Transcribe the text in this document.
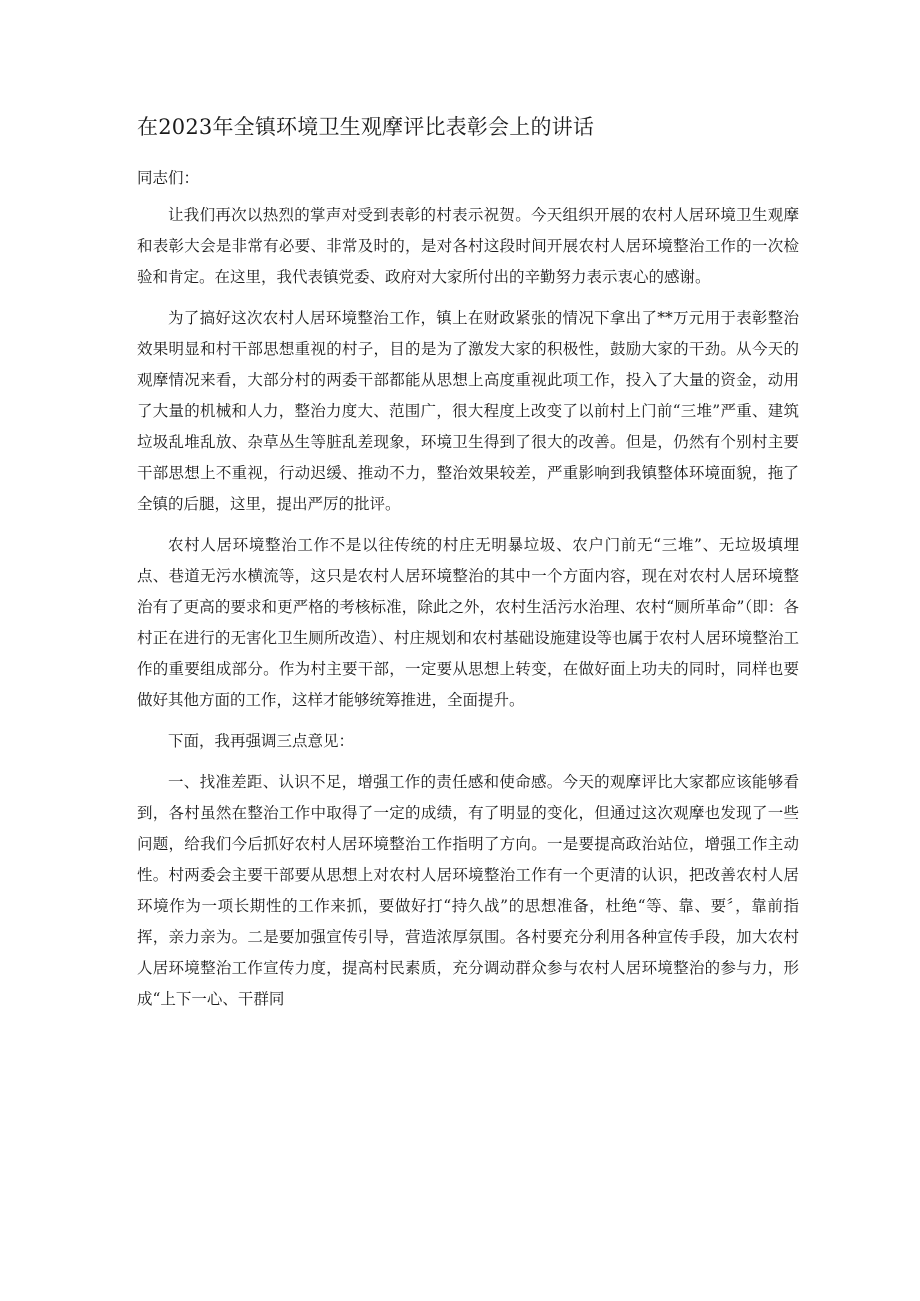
在2023年全镇环境卫生观摩评比表彰会上的讲话

同志们：

让我们再次以热烈的掌声对受到表彰的村表示祝贺。今天组织开展的农村人居环境卫生观摩和表彰大会是非常有必要、非常及时的，是对各村这段时间开展农村人居环境整治工作的一次检验和肯定。在这里，我代表镇党委、政府对大家所付出的辛勤努力表示衷心的感谢。

为了搞好这次农村人居环境整治工作，镇上在财政紧张的情况下拿出了**万元用于表彰整治效果明显和村干部思想重视的村子，目的是为了激发大家的积极性，鼓励大家的干劲。从今天的观摩情况来看，大部分村的两委干部都能从思想上高度重视此项工作，投入了大量的资金，动用了大量的机械和人力，整治力度大、范围广，很大程度上改变了以前村上门前“三堆”严重、建筑垃圾乱堆乱放、杂草丛生等脏乱差现象，环境卫生得到了很大的改善。但是，仍然有个别村主要干部思想上不重视，行动迟缓、推动不力，整治效果较差，严重影响到我镇整体环境面貌，拖了全镇的后腿，这里，提出严厉的批评。

农村人居环境整治工作不是以往传统的村庄无明暴垃圾、农户门前无“三堆”、无垃圾填埋点、巷道无污水横流等，这只是农村人居环境整治的其中一个方面内容，现在对农村人居环境整治有了更高的要求和更严格的考核标准，除此之外，农村生活污水治理、农村“厕所革命”（即：各村正在进行的无害化卫生厕所改造）、村庄规划和农村基础设施建设等也属于农村人居环境整治工作的重要组成部分。作为村主要干部，一定要从思想上转变，在做好面上功夫的同时，同样也要做好其他方面的工作，这样才能够统筹推进，全面提升。

下面，我再强调三点意见：

一、找准差距、认识不足，增强工作的责任感和使命感。今天的观摩评比大家都应该能够看到，各村虽然在整治工作中取得了一定的成绩，有了明显的变化，但通过这次观摩也发现了一些问题，给我们今后抓好农村人居环境整治工作指明了方向。一是要提高政治站位，增强工作主动性。村两委会主要干部要从思想上对农村人居环境整治工作有一个更清的认识，把改善农村人居环境作为一项长期性的工作来抓，要做好打“持久战”的思想准备，杜绝“等、靠、要〞，靠前指挥，亲力亲为。二是要加强宣传引导，营造浓厚氛围。各村要充分利用各种宣传手段，加大农村人居环境整治工作宣传力度，提高村民素质，充分调动群众参与农村人居环境整治的参与力，形成“上下一心、干群同
